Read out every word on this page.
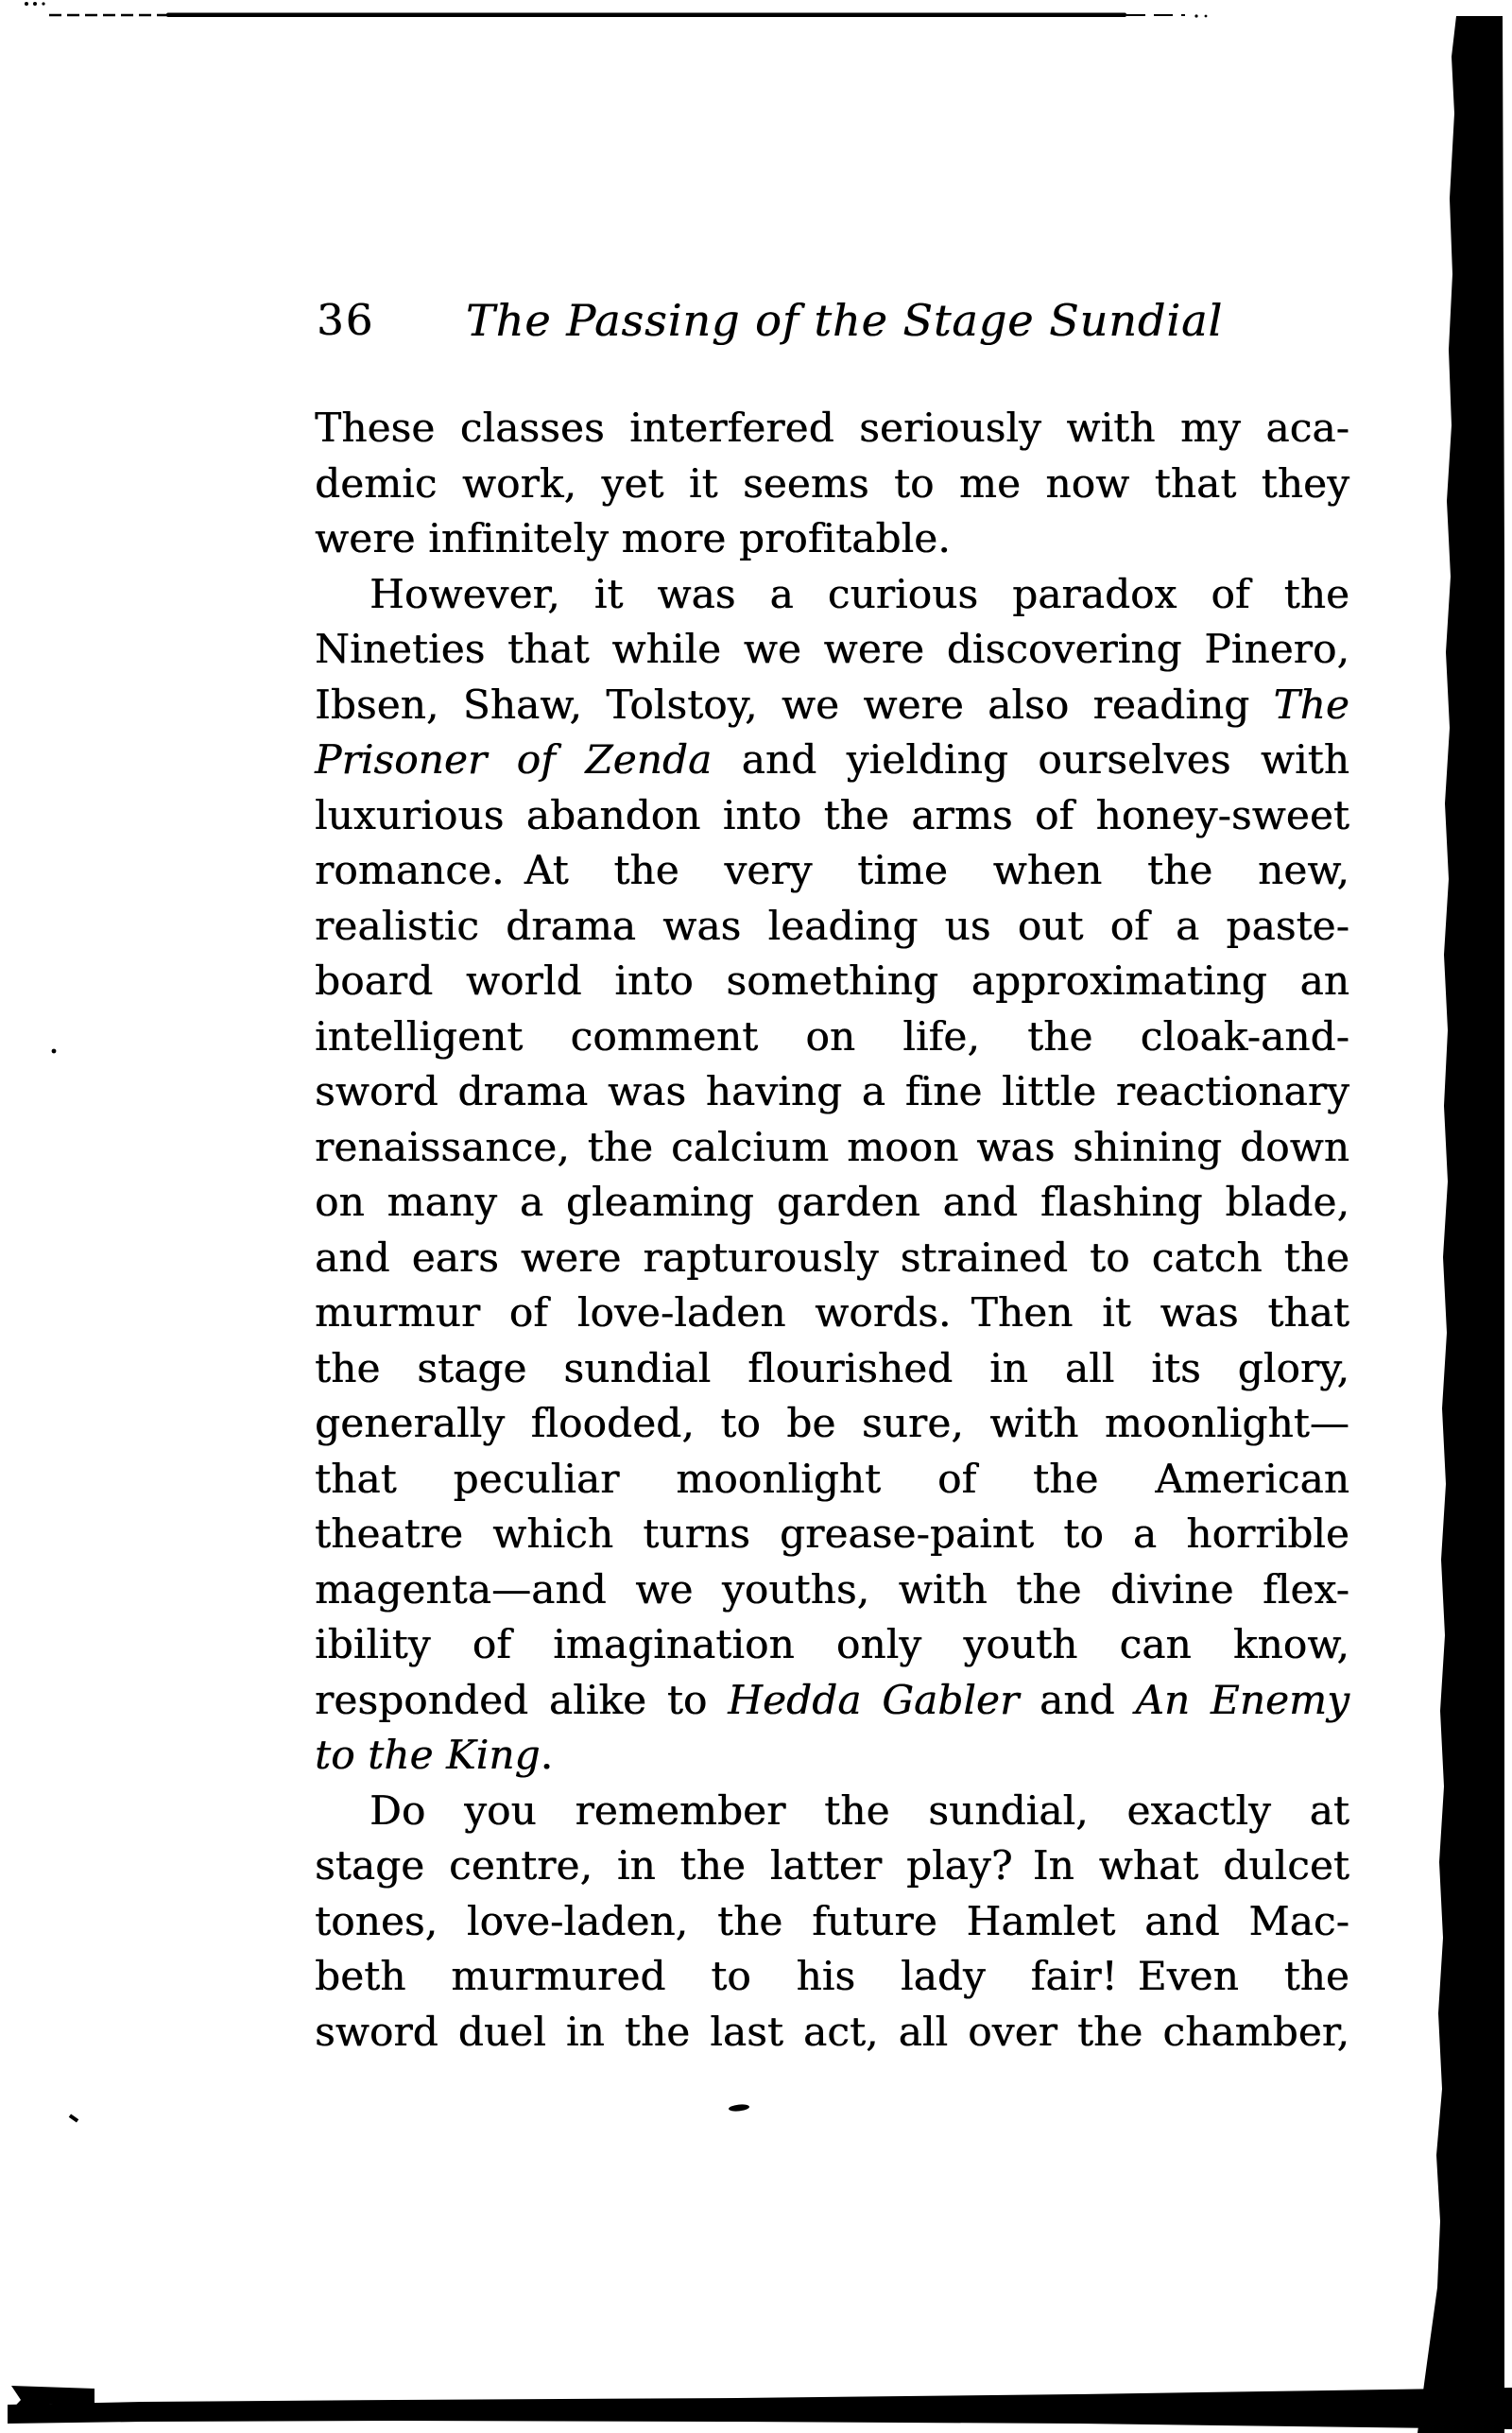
36	The Passing of the Stage Sundial
These classes interfered seriously with my aca-
demic work, yet it seems to me now that they
were infinitely more profitable.
However, it was a curious paradox of the
Nineties that while we were discovering Pinero,
Ibsen, Shaw, Tolstoy, we were also reading The
Prisoner of Zenda and yielding ourselves with
luxurious abandon into the arms of honey-sweet
romance. At the very time when the new,
realistic drama was leading us out of a paste-
board world into something approximating an
intelligent comment on life, the cloak-and-
sword drama was having a fine little reactionary
renaissance, the calcium moon was shining down
on many a gleaming garden and flashing blade,
and ears were rapturously strained to catch the
murmur of love-laden words. Then it was that
the stage sundial flourished in all its glory,
generally flooded, to be sure, with moonlight—
that peculiar moonlight of the American
theatre which turns grease-paint to a horrible
magenta—and we youths, with the divine flex-
ibility of imagination only youth can know,
responded alike to Hedda Gabler and An Enemy
to the King.
Do you remember the sundial, exactly at
stage centre, in the latter play? In what dulcet
tones, love-laden, the future Hamlet and Mac-
beth murmured to his lady fair! Even the
sword duel in the last act, all over the chamber,
